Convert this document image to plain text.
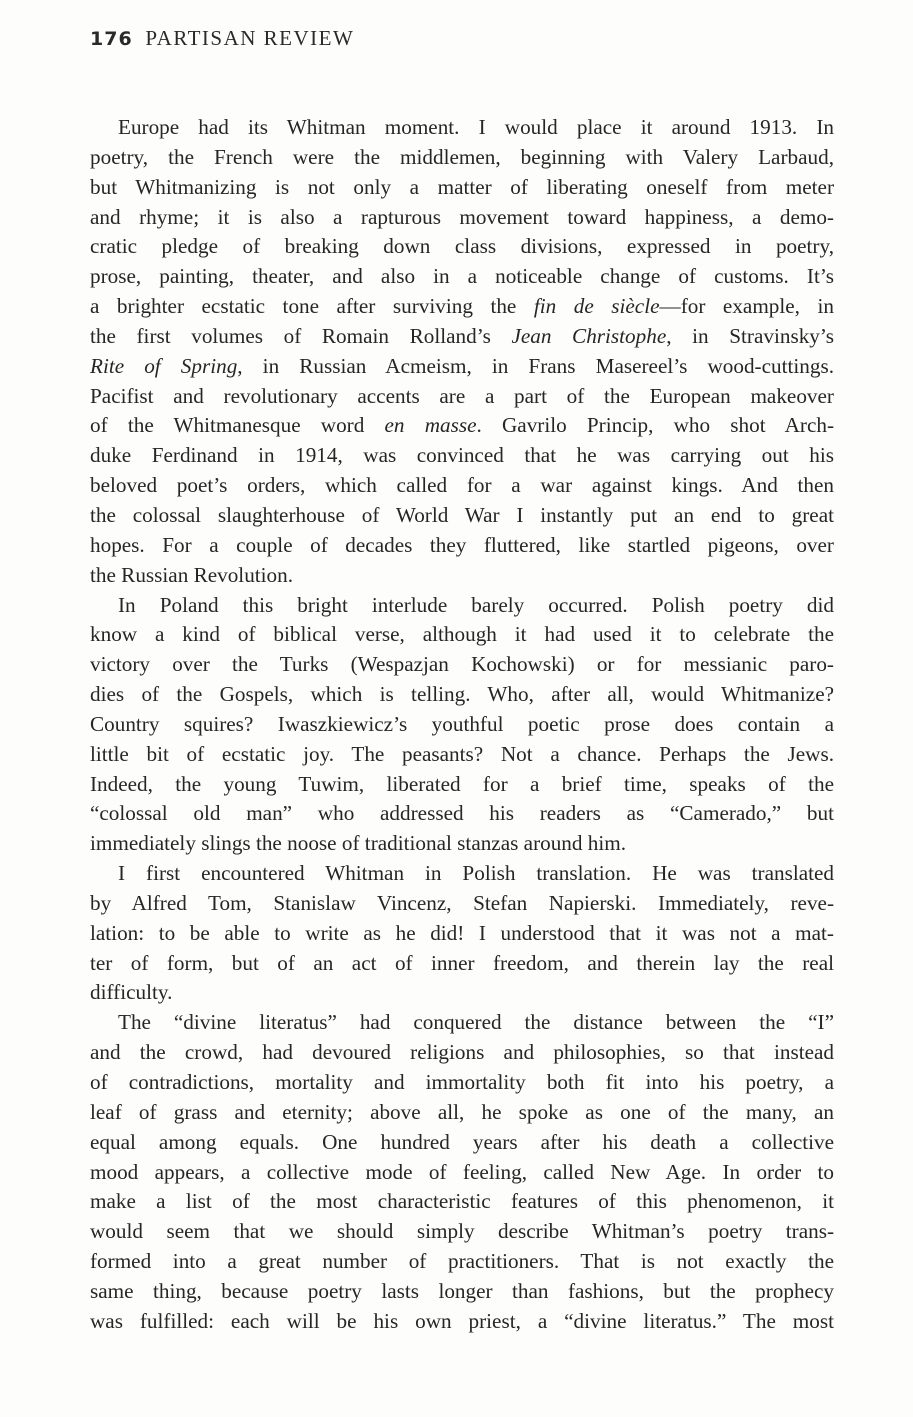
176 PARTISAN REVIEW
Europe had its Whitman moment. I would place it around 1913. In
poetry, the French were the middlemen, beginning with Valery Larbaud,
but Whitmanizing is not only a matter of liberating oneself from meter
and rhyme; it is also a rapturous movement toward happiness, a demo-
cratic pledge of breaking down class divisions, expressed in poetry,
prose, painting, theater, and also in a noticeable change of customs. It’s
a brighter ecstatic tone after surviving the fin de siècle—for example, in
the first volumes of Romain Rolland’s Jean Christophe, in Stravinsky’s
Rite of Spring, in Russian Acmeism, in Frans Masereel’s wood-cuttings.
Pacifist and revolutionary accents are a part of the European makeover
of the Whitmanesque word en masse. Gavrilo Princip, who shot Arch-
duke Ferdinand in 1914, was convinced that he was carrying out his
beloved poet’s orders, which called for a war against kings. And then
the colossal slaughterhouse of World War I instantly put an end to great
hopes. For a couple of decades they fluttered, like startled pigeons, over
the Russian Revolution.
In Poland this bright interlude barely occurred. Polish poetry did
know a kind of biblical verse, although it had used it to celebrate the
victory over the Turks (Wespazjan Kochowski) or for messianic paro-
dies of the Gospels, which is telling. Who, after all, would Whitmanize?
Country squires? Iwaszkiewicz’s youthful poetic prose does contain a
little bit of ecstatic joy. The peasants? Not a chance. Perhaps the Jews.
Indeed, the young Tuwim, liberated for a brief time, speaks of the
“colossal old man” who addressed his readers as “Camerado,” but
immediately slings the noose of traditional stanzas around him.
I first encountered Whitman in Polish translation. He was translated
by Alfred Tom, Stanislaw Vincenz, Stefan Napierski. Immediately, reve-
lation: to be able to write as he did! I understood that it was not a mat-
ter of form, but of an act of inner freedom, and therein lay the real
difficulty.
The “divine literatus” had conquered the distance between the “I”
and the crowd, had devoured religions and philosophies, so that instead
of contradictions, mortality and immortality both fit into his poetry, a
leaf of grass and eternity; above all, he spoke as one of the many, an
equal among equals. One hundred years after his death a collective
mood appears, a collective mode of feeling, called New Age. In order to
make a list of the most characteristic features of this phenomenon, it
would seem that we should simply describe Whitman’s poetry trans-
formed into a great number of practitioners. That is not exactly the
same thing, because poetry lasts longer than fashions, but the prophecy
was fulfilled: each will be his own priest, a “divine literatus.” The most
